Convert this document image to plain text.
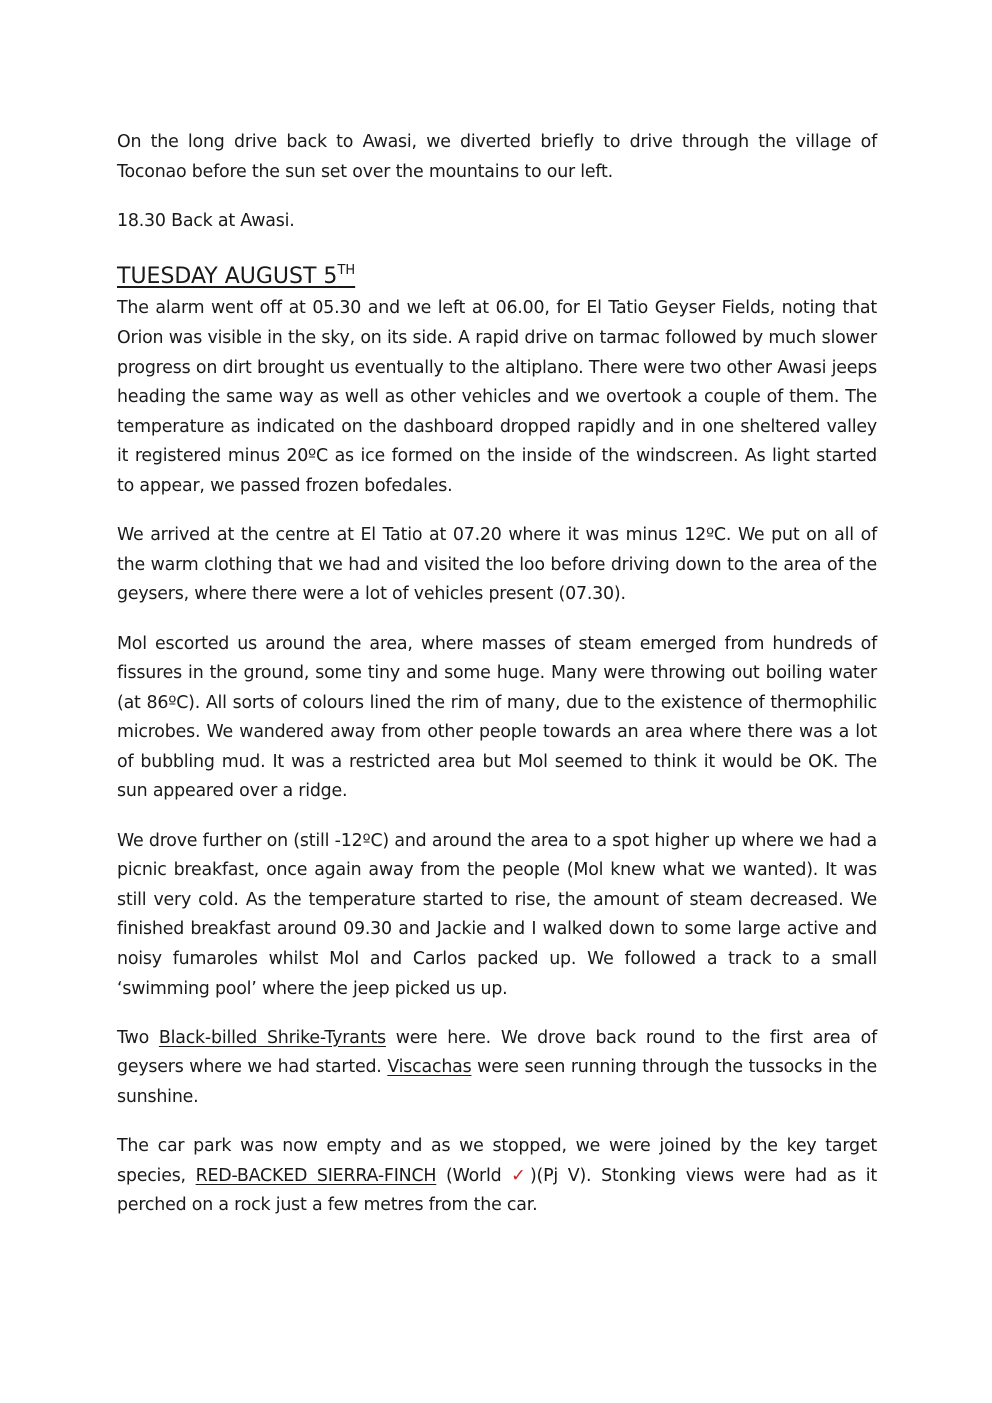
On the long drive back to Awasi, we diverted briefly to drive through the village of Toconao before the sun set over the mountains to our left.

18.30 Back at Awasi.

TUESDAY AUGUST 5TH

The alarm went off at 05.30 and we left at 06.00, for El Tatio Geyser Fields, noting that Orion was visible in the sky, on its side. A rapid drive on tarmac followed by much slower progress on dirt brought us eventually to the altiplano. There were two other Awasi jeeps heading the same way as well as other vehicles and we overtook a couple of them. The temperature as indicated on the dashboard dropped rapidly and in one sheltered valley it registered minus 20ºC as ice formed on the inside of the windscreen. As light started to appear, we passed frozen bofedales.

We arrived at the centre at El Tatio at 07.20 where it was minus 12ºC. We put on all of the warm clothing that we had and visited the loo before driving down to the area of the geysers, where there were a lot of vehicles present (07.30).

Mol escorted us around the area, where masses of steam emerged from hundreds of fissures in the ground, some tiny and some huge. Many were throwing out boiling water (at 86ºC). All sorts of colours lined the rim of many, due to the existence of thermophilic microbes. We wandered away from other people towards an area where there was a lot of bubbling mud. It was a restricted area but Mol seemed to think it would be OK. The sun appeared over a ridge.

We drove further on (still -12ºC) and around the area to a spot higher up where we had a picnic breakfast, once again away from the people (Mol knew what we wanted). It was still very cold. As the temperature started to rise, the amount of steam decreased. We finished breakfast around 09.30 and Jackie and I walked down to some large active and noisy fumaroles whilst Mol and Carlos packed up. We followed a track to a small ‘swimming pool’ where the jeep picked us up.

Two Black-billed Shrike-Tyrants were here. We drove back round to the first area of geysers where we had started. Viscachas were seen running through the tussocks in the sunshine.

The car park was now empty and as we stopped, we were joined by the key target species, RED-BACKED SIERRA-FINCH (World ✓)(Pj V). Stonking views were had as it perched on a rock just a few metres from the car.
